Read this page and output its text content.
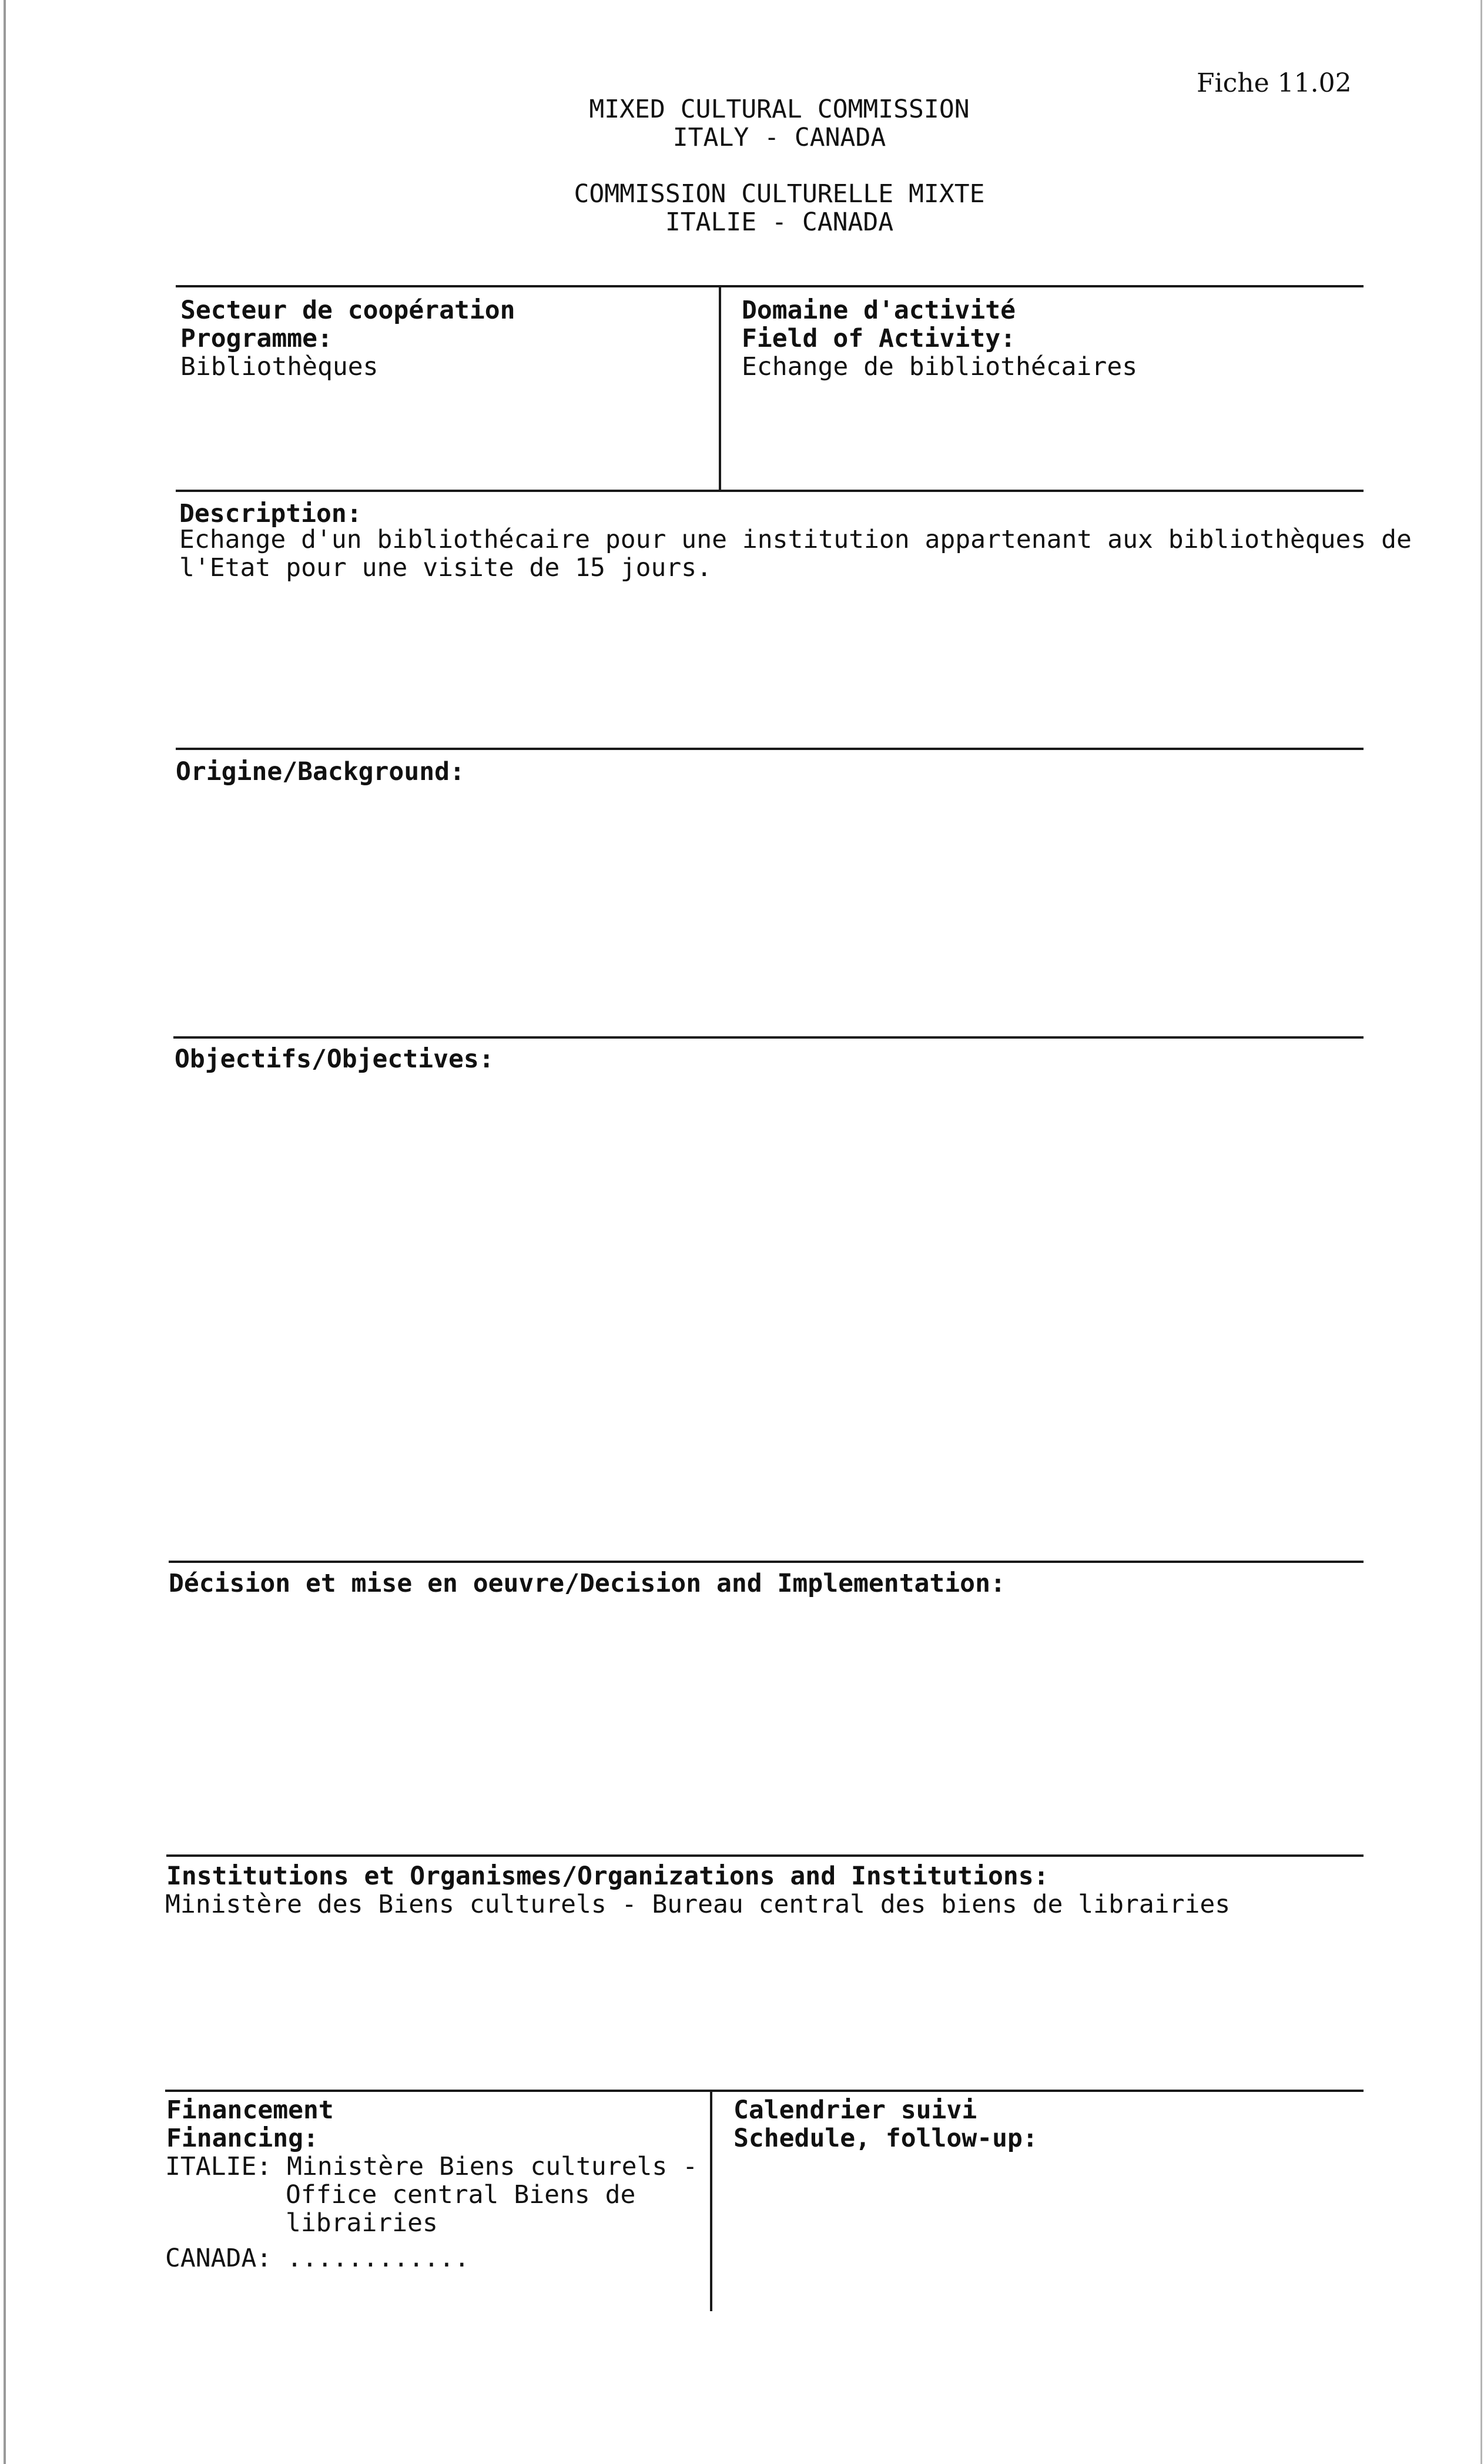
Fiche 11.02
MIXED CULTURAL COMMISSION
ITALY - CANADA
COMMISSION CULTURELLE MIXTE
ITALIE - CANADA
Secteur de coopération
Programme:
Bibliothèques
Domaine d'activité
Field of Activity:
Echange de bibliothécaires
Description:
Echange d'un bibliothécaire pour une institution appartenant aux bibliothèques de
l'Etat pour une visite de 15 jours.
Origine/Background:
Objectifs/Objectives:
Décision et mise en oeuvre/Decision and Implementation:
Institutions et Organismes/Organizations and Institutions:
Ministère des Biens culturels - Bureau central des biens de librairies
Financement
Financing:
ITALIE: Ministère Biens culturels -
Office central Biens de
librairies
CANADA: ............
Calendrier suivi
Schedule, follow-up:
